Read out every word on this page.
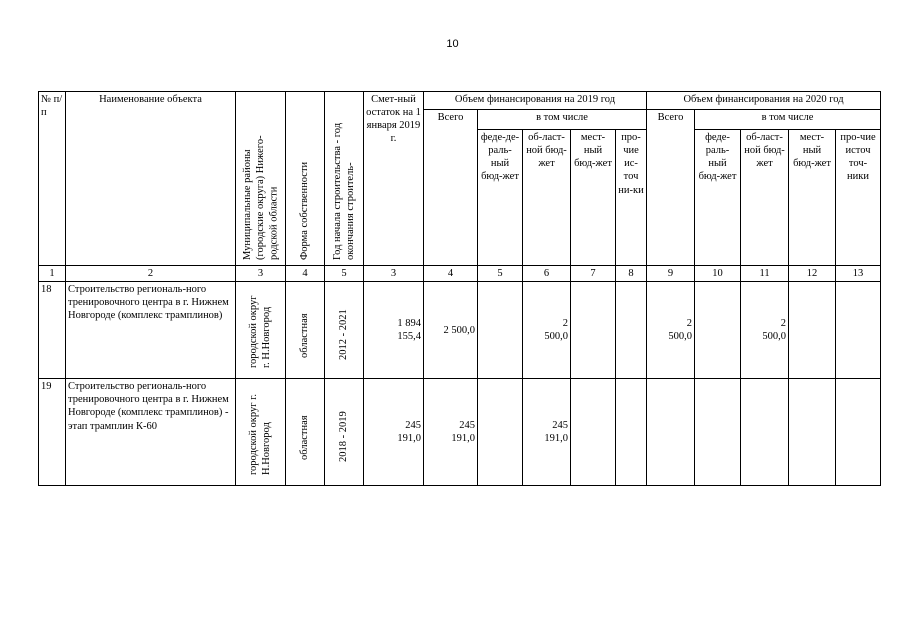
10
№ п/ п	Наименование объекта	Муниципальные районы (городские округа) Нижего-родской области	Форма собственности	Год начала строительства - год окончания строитель-	Смет-ный остаток на 1 января 2019 г.	Объем финансирования на 2019 год					Объем финансирования на 2020 год				
						Всего	в том числе				Всего	в том числе			
							феде-де-раль-ный бюд-жет	об-ласт-ной бюд-жет	мест-ный бюд-жет	про-чие ис-точ ни-ки		феде-раль-ный бюд-жет	об-ласт-ной бюд-жет	мест-ный бюд-жет	про-чие источ точ-ники
1	2	3	4	5	3	4	5	6	7	8	9	10	11	12	13
18	Строительство региональ-ного тренировочного центра в г. Нижнем Новгороде (комплекс трамплинов)	городской округ г. Н.Новгород	областная	2012 - 2021	1 894 155,4	2 500,0		2 500,0			2 500,0		2 500,0		
19	Строительство региональ-ного тренировочного центра в г. Нижнем Новгороде (комплекс трамплинов) - этап трамплин К-60	городской округ г. Н.Новгород	областная	2018 - 2019	245 191,0	245 191,0		245 191,0							
